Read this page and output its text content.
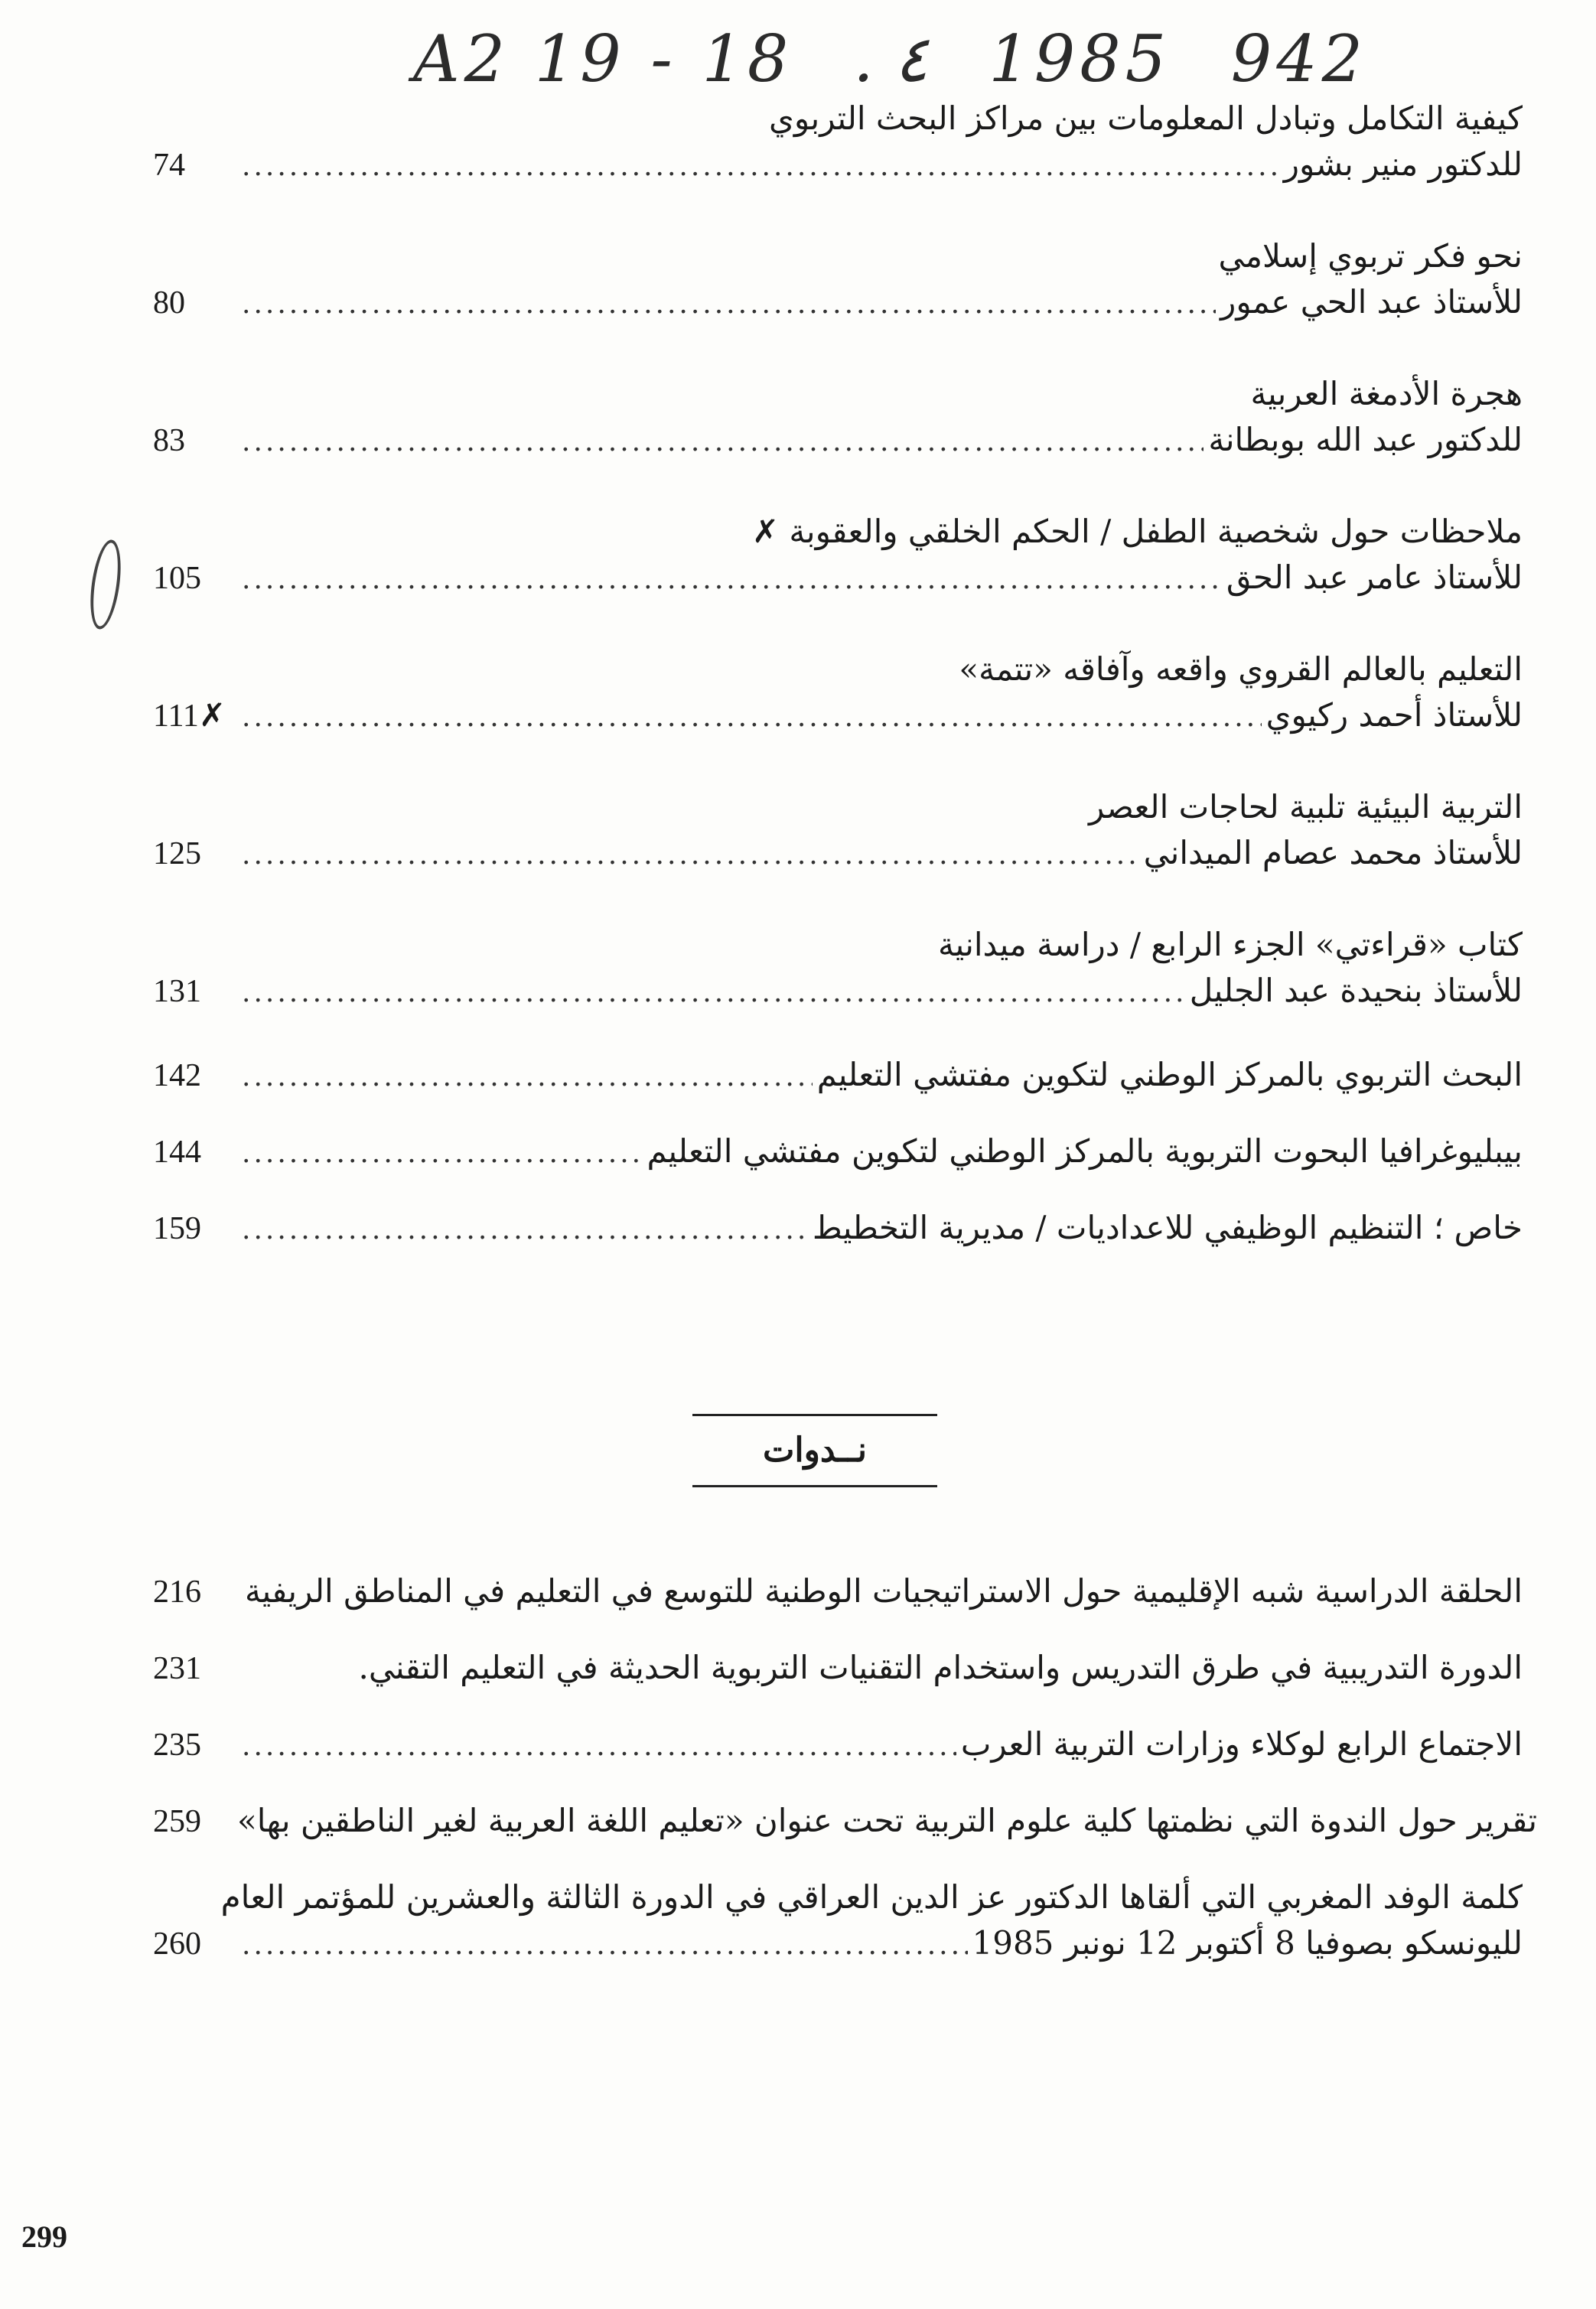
A2 19 - 18 . ٤ 1985 942
كيفية التكامل وتبادل المعلومات بين مراكز البحث التربوي
74 .....	للدكتور منير بشور
نحو فكر تربوي إسلامي
80 .....	للأستاذ عبد الحي عمور
هجرة الأدمغة العربية
83 .....	للدكتور عبد الله بوبطانة
ملاحظات حول شخصية الطفل / الحكم الخلقي والعقوبة ✗
105 .....	للأستاذ عامر عبد الحق
التعليم بالعالم القروي واقعه وآفاقه «تتمة»
111✗ .....	للأستاذ أحمد ركيوي
التربية البيئية تلبية لحاجات العصر
125 .....	للأستاذ محمد عصام الميداني
كتاب «قراءتي» الجزء الرابع / دراسة ميدانية
131 .....	للأستاذ بنحيدة عبد الجليل
142 .....	البحث التربوي بالمركز الوطني لتكوين مفتشي التعليم
144 .....	بيبليوغرافيا البحوت التربوية بالمركز الوطني لتكوين مفتشي التعليم
159 .....	خاص ؛ التنظيم الوظيفي للاعداديات / مديرية التخطيط
نــدوات
216	الحلقة الدراسية شبه الإقليمية حول الاستراتيجيات الوطنية للتوسع في التعليم في المناطق الريفية
231	الدورة التدريبية في طرق التدريس واستخدام التقنيات التربوية الحديثة في التعليم التقني.
235 .....	الاجتماع الرابع لوكلاء وزارات التربية العرب
259	تقرير حول الندوة التي نظمتها كلية علوم التربية تحت عنوان «تعليم اللغة العربية لغير الناطقين بها»
كلمة الوفد المغربي التي ألقاها الدكتور عز الدين العراقي في الدورة الثالثة والعشرين للمؤتمر العام
260 .....	لليونسكو بصوفيا 8 أكتوبر 12 نونبر 1985
299
